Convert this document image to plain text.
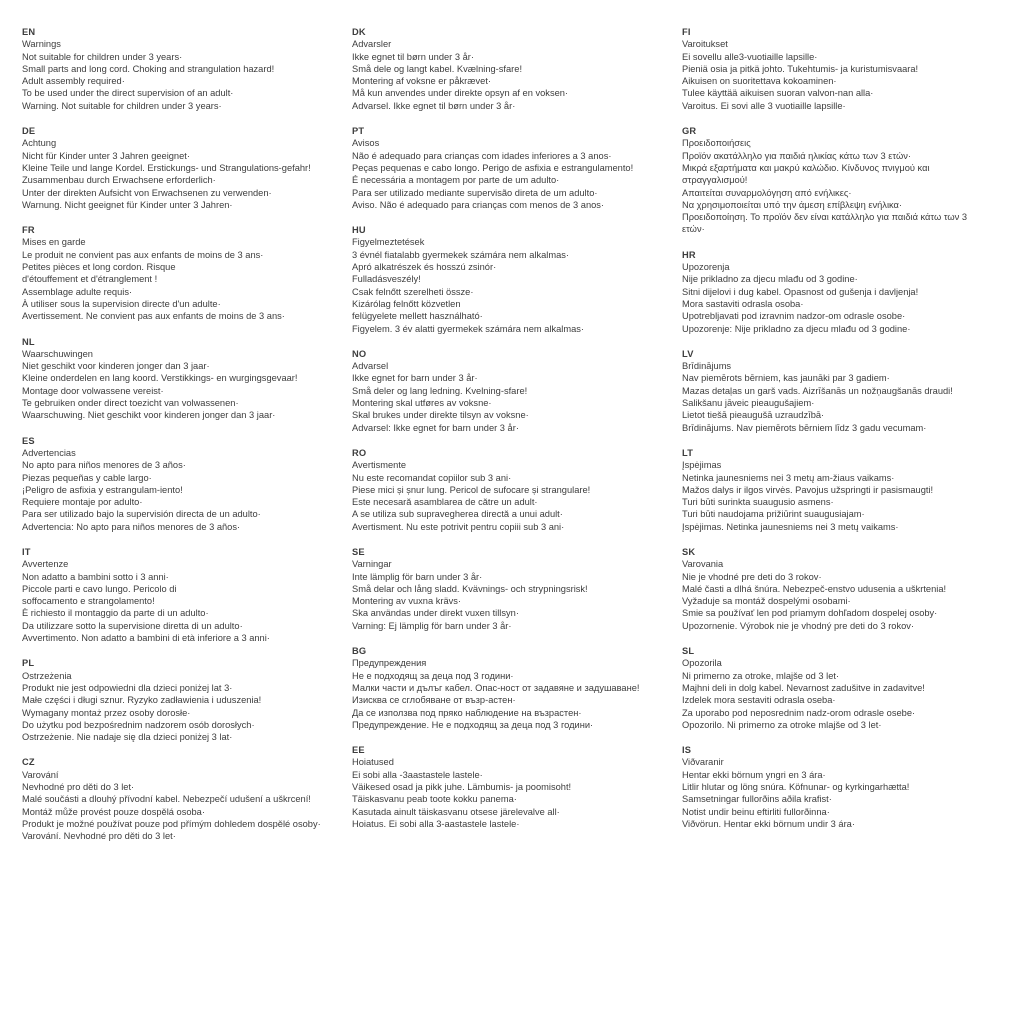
EN
Warnings
Not suitable for children under 3 years·
Small parts and long cord. Choking and strangulation hazard!
Adult assembly required·
To be used under the direct supervision of an adult·
Warning. Not suitable for children under 3 years·
DE
Achtung
Nicht für Kinder unter 3 Jahren geeignet·
Kleine Teile und lange Kordel. Erstickungs- und Strangulations-gefahr!
Zusammenbau durch Erwachsene erforderlich·
Unter der direkten Aufsicht von Erwachsenen zu verwenden·
Warnung. Nicht geeignet für Kinder unter 3 Jahren·
FR
Mises en garde
Le produit ne convient pas aux enfants de moins de 3 ans·
Petites pièces et long cordon. Risque
d'étouffement et d'étranglement !
Assemblage adulte requis·
À utiliser sous la supervision directe d'un adulte·
Avertissement. Ne convient pas aux enfants de moins de 3 ans·
NL
Waarschuwingen
Niet geschikt voor kinderen jonger dan 3 jaar·
Kleine onderdelen en lang koord. Verstikkings- en wurgingsgevaar!
Montage door volwassene vereist·
Te gebruiken onder direct toezicht van volwassenen·
Waarschuwing. Niet geschikt voor kinderen jonger dan 3 jaar·
ES
Advertencias
No apto para niños menores de 3 años·
Piezas pequeñas y cable largo·
¡Peligro de asfixia y estrangulam-iento!
Requiere montaje por adulto·
Para ser utilizado bajo la supervisión directa de un adulto·
Advertencia: No apto para niños menores de 3 años·
IT
Avvertenze
Non adatto a bambini sotto i 3 anni·
Piccole parti e cavo lungo. Pericolo di
soffocamento e strangolamento!
È richiesto il montaggio da parte di un adulto·
Da utilizzare sotto la supervisione diretta di un adulto·
Avvertimento. Non adatto a bambini di età inferiore a 3 anni·
PL
Ostrzeżenia
Produkt nie jest odpowiedni dla dzieci poniżej lat 3·
Małe części i długi sznur. Ryzyko zadławienia i uduszenia!
Wymagany montaż przez osoby dorosłe·
Do użytku pod bezpośrednim nadzorem osób dorosłych·
Ostrzeżenie. Nie nadaje się dla dzieci poniżej 3 lat·
CZ
Varování
Nevhodné pro děti do 3 let·
Malé součásti a dlouhý přívodní kabel. Nebezpečí udušení a uškrcení!
Montáž může provést pouze dospělá osoba·
Produkt je možné používat pouze pod přímým dohledem dospělé osoby·
Varování. Nevhodné pro děti do 3 let·
DK
Advarsler
Ikke egnet til børn under 3 år·
Små dele og langt kabel. Kvælning-sfare!
Montering af voksne er påkrævet·
Må kun anvendes under direkte opsyn af en voksen·
Advarsel. Ikke egnet til børn under 3 år·
PT
Avisos
Não é adequado para crianças com idades inferiores a 3 anos·
Peças pequenas e cabo longo. Perigo de asfixia e estrangulamento!
É necessária a montagem por parte de um adulto·
Para ser utilizado mediante supervisão direta de um adulto·
Aviso. Não é adequado para crianças com menos de 3 anos·
HU
Figyelmeztetések
3 évnél fiatalabb gyermekek számára nem alkalmas·
Apró alkatrészek és hosszú zsinór·
Fulladásveszély!
Csak felnőtt szerelheti össze·
Kizárólag felnőtt közvetlen
felügyelete mellett használható·
Figyelem. 3 év alatti gyermekek számára nem alkalmas·
NO
Advarsel
Ikke egnet for barn under 3 år·
Små deler og lang ledning. Kvelning-sfare!
Montering skal utføres av voksne·
Skal brukes under direkte tilsyn av voksne·
Advarsel: Ikke egnet for barn under 3 år·
RO
Avertismente
Nu este recomandat copiilor sub 3 ani·
Piese mici și șnur lung. Pericol de sufocare și strangulare!
Este necesară asamblarea de către un adult·
A se utiliza sub supravegherea directă a unui adult·
Avertisment. Nu este potrivit pentru copiii sub 3 ani·
SE
Varningar
Inte lämplig för barn under 3 år·
Små delar och lång sladd. Kvävnings- och strypningsrisk!
Montering av vuxna krävs·
Ska användas under direkt vuxen tillsyn·
Varning: Ej lämplig för barn under 3 år·
BG
Предупреждения
Не е подходящ за деца под 3 години·
Малки части и дълъг кабел. Опас-ност от задавяне и задушаване!
Изисква се сглобяване от възр-астен·
Да се използва под пряко наблюдение на възрастен·
Предупреждение. Не е подходящ за деца под 3 години·
EE
Hoiatused
Ei sobi alla -3aastastele lastele·
Väikesed osad ja pikk juhe. Lämbumis- ja poomisoht!
Täiskasvanu peab toote kokku panema·
Kasutada ainult täiskasvanu otsese järelevalve all·
Hoiatus. Ei sobi alla 3-aastastele lastele·
FI
Varoitukset
Ei sovellu alle3-vuotiaille lapsille·
Pieniä osia ja pitkä johto. Tukehtumis- ja kuristumisvaara!
Aikuisen on suoritettava kokoaminen·
Tulee käyttää aikuisen suoran valvon-nan alla·
Varoitus. Ei sovi alle 3 vuotiaille lapsille·
GR
Προειδοποιήσεις
Προϊόν ακατάλληλο για παιδιά ηλικίας κάτω των 3 ετών·
Μικρά εξαρτήματα και μακρύ καλώδιο. Κίνδυνος πνιγμού και στραγγαλισμού!
Απαιτείται συναρμολόγηση από ενήλικες·
Να χρησιμοποιείται υπό την άμεση επίβλεψη ενήλικα·
Προειδοποίηση. Το προϊόν δεν είναι κατάλληλο για παιδιά κάτω των 3 ετών·
HR
Upozorenja
Nije prikladno za djecu mlađu od 3 godine·
Sitni dijelovi i dug kabel. Opasnost od gušenja i davljenja!
Mora sastaviti odrasla osoba·
Upotrebljavati pod izravnim nadzor-om odrasle osobe·
Upozorenje: Nije prikladno za djecu mlađu od 3 godine·
LV
Brīdinājums
Nav piemērots bērniem, kas jaunāki par 3 gadiem·
Mazas detaļas un garš vads. Aizrīšanās un nožņaugšanās draudi!
Salikšanu jāveic pieaugušajiem·
Lietot tiešā pieaugušā uzraudzībā·
Brīdinājums. Nav piemērots bērniem līdz 3 gadu vecumam·
LT
Įspėjimas
Netinka jaunesniems nei 3 metų am-žiaus vaikams·
Mažos dalys ir ilgos virvės. Pavojus užspringti ir pasismaugti!
Turi būti surinkta suaugusio asmens·
Turi būti naudojama prižiūrint suaugusiajam·
Įspėjimas. Netinka jaunesniems nei 3 metų vaikams·
SK
Varovania
Nie je vhodné pre deti do 3 rokov·
Malé časti a dlhá šnúra. Nebezpeč-enstvo udusenia a uškrtenia!
Vyžaduje sa montáž dospelými osobami·
Smie sa používať len pod priamym dohľadom dospelej osoby·
Upozornenie. Výrobok nie je vhodný pre deti do 3 rokov·
SL
Opozorila
Ni primerno za otroke, mlajše od 3 let·
Majhni deli in dolg kabel. Nevarnost zadušitve in zadavitve!
Izdelek mora sestaviti odrasla oseba·
Za uporabo pod neposrednim nadz-orom odrasle osebe·
Opozorilo. Ni primerno za otroke mlajše od 3 let·
IS
Viðvaranir
Hentar ekki börnum yngri en 3 ára·
Litlir hlutar og löng snúra. Köfnunar- og kyrkingarhætta!
Samsetningar fullorðins aðila krafist·
Notist undir beinu eftirliti fullorðinna·
Viðvörun. Hentar ekki börnum undir 3 ára·
